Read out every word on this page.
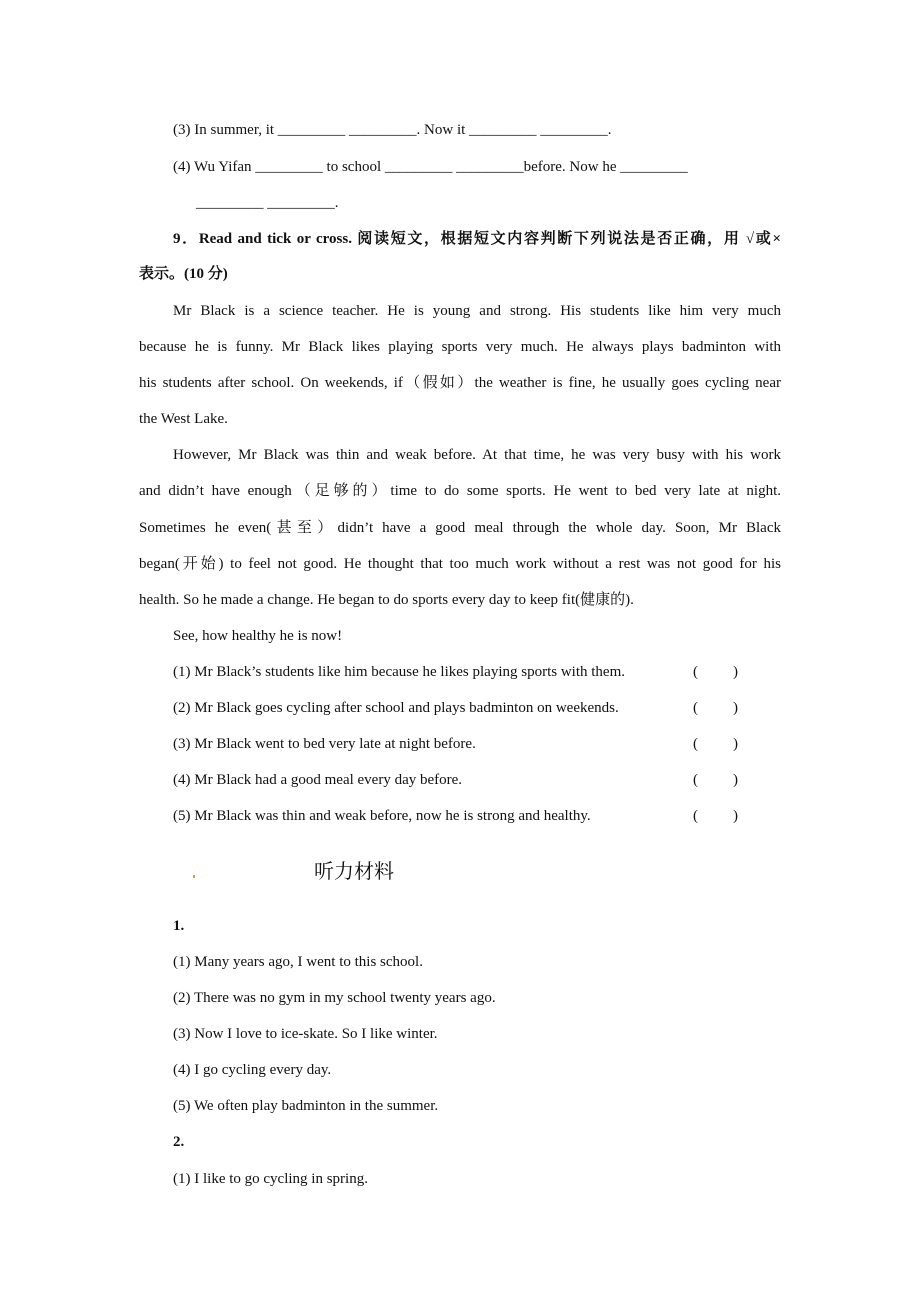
(3) In summer, it _________ _________. Now it _________ _________.
(4) Wu Yifan _________ to school _________ _________before. Now he _________
_________ _________.
9．Read and tick or cross. 阅读短文，根据短文内容判断下列说法是否正确，用 √或×
表示。(10 分)
Mr Black is a science teacher. He is young and strong. His students like him very much
because he is funny. Mr Black likes playing sports very much. He always plays badminton with
his students after school. On weekends, if（假如）the weather is fine, he usually goes cycling near
the West Lake.
However, Mr Black was thin and weak before. At that time, he was very busy with his work
and didn’t have enough（足够的）time to do some sports. He went to bed very late at night.
Sometimes he even(甚至）didn’t have a good meal through the whole day. Soon, Mr Black
began(开始) to feel not good. He thought that too much work without a rest was not good for his
health. So he made a change. He began to do sports every day to keep fit(健康的).
See, how healthy he is now!
(1) Mr Black’s students like him because he likes playing sports with them.	( )
(2) Mr Black goes cycling after school and plays badminton on weekends.	( )
(3) Mr Black went to bed very late at night before.	( )
(4) Mr Black had a good meal every day before.	( )
(5) Mr Black was thin and weak before, now he is strong and healthy.	( )
听力材料
1.
(1) Many years ago, I went to this school.
(2) There was no gym in my school twenty years ago.
(3) Now I love to ice-skate. So I like winter.
(4) I go cycling every day.
(5) We often play badminton in the summer.
2.
(1) I like to go cycling in spring.
